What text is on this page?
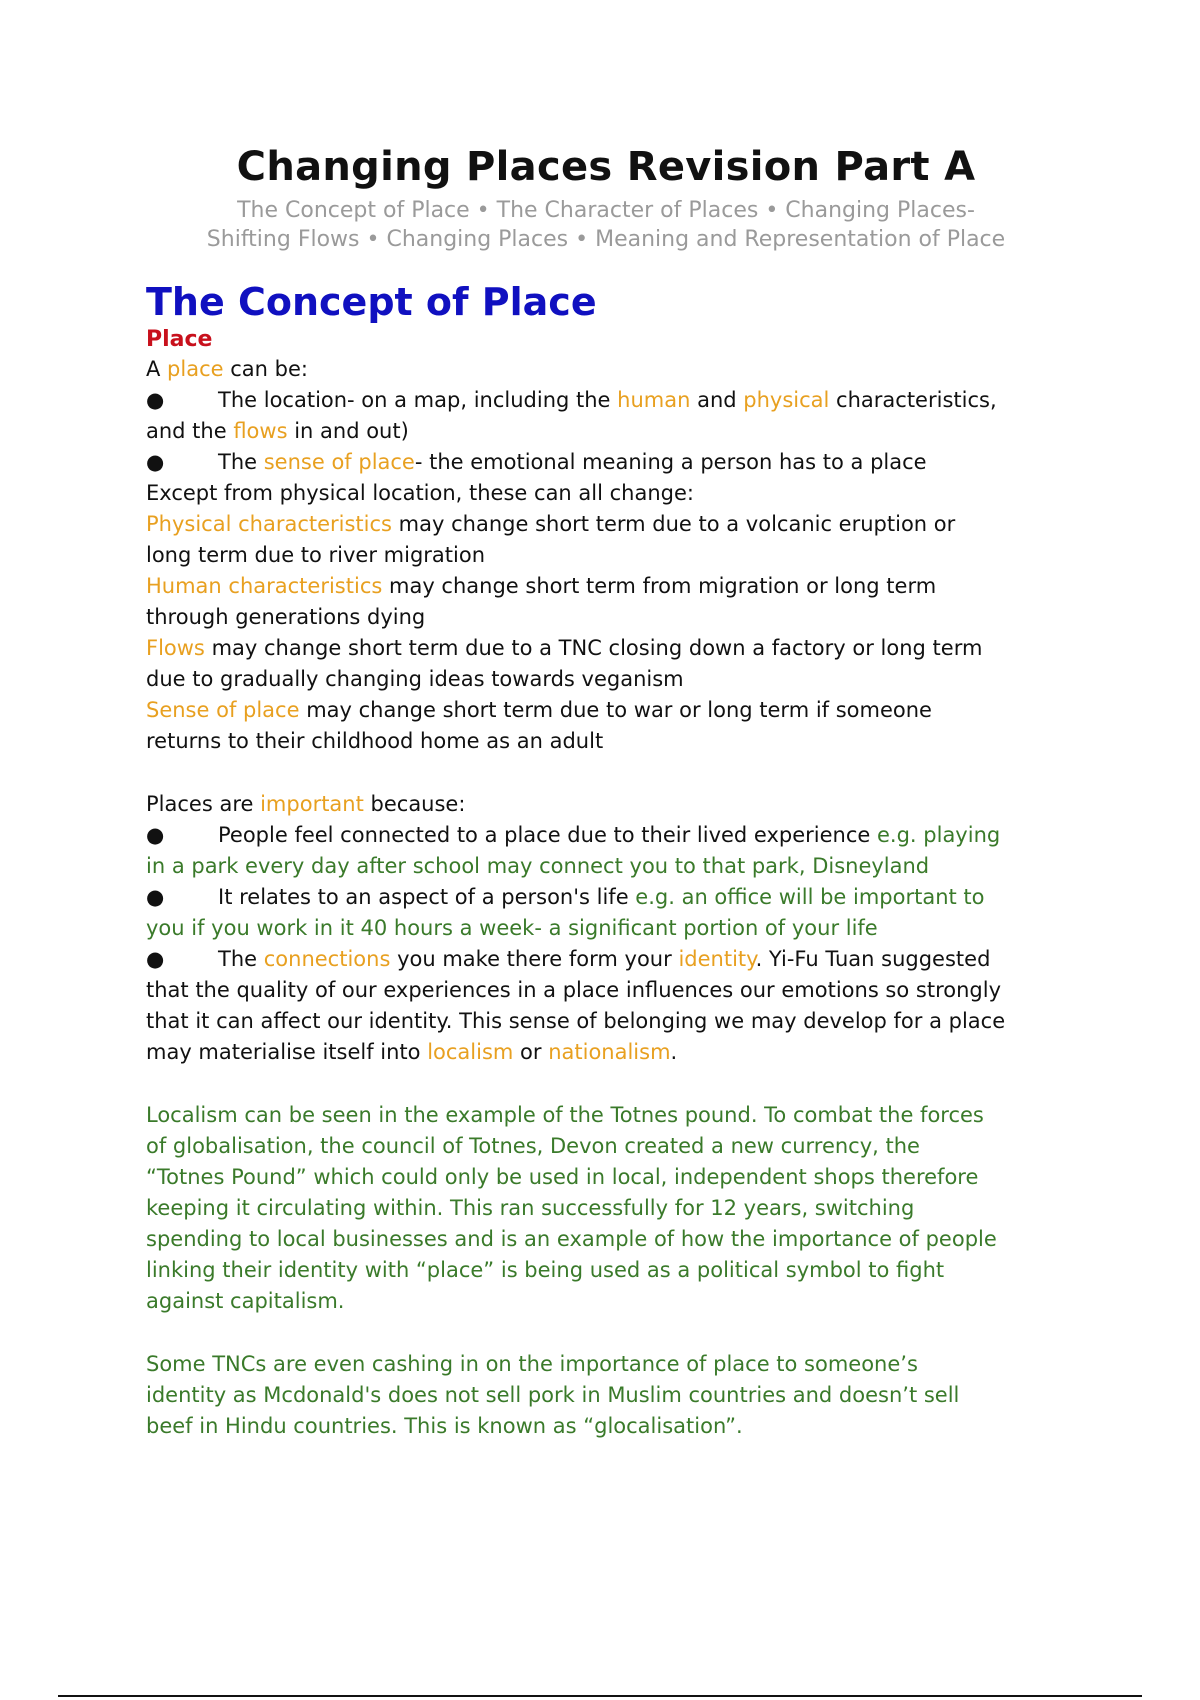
Changing Places Revision Part A
The Concept of Place • The Character of Places • Changing Places-
Shifting Flows • Changing Places • Meaning and Representation of Place
The Concept of Place
Place

A place can be:

●	The location- on a map, including the human and physical characteristics,

and the flows in and out)

●	The sense of place- the emotional meaning a person has to a place

Except from physical location, these can all change:

Physical characteristics may change short term due to a volcanic eruption or

long term due to river migration

Human characteristics may change short term from migration or long term

through generations dying

Flows may change short term due to a TNC closing down a factory or long term

due to gradually changing ideas towards veganism

Sense of place may change short term due to war or long term if someone

returns to their childhood home as an adult

Places are important because:

●	People feel connected to a place due to their lived experience e.g. playing

in a park every day after school may connect you to that park, Disneyland

●	It relates to an aspect of a person's life e.g. an office will be important to

you if you work in it 40 hours a week- a significant portion of your life

●	The connections you make there form your identity. Yi-Fu Tuan suggested

that the quality of our experiences in a place influences our emotions so strongly

that it can affect our identity. This sense of belonging we may develop for a place

may materialise itself into localism or nationalism.

Localism can be seen in the example of the Totnes pound. To combat the forces

of globalisation, the council of Totnes, Devon created a new currency, the

“Totnes Pound” which could only be used in local, independent shops therefore

keeping it circulating within. This ran successfully for 12 years, switching

spending to local businesses and is an example of how the importance of people

linking their identity with “place” is being used as a political symbol to fight

against capitalism.

Some TNCs are even cashing in on the importance of place to someone’s

identity as Mcdonald's does not sell pork in Muslim countries and doesn’t sell

beef in Hindu countries. This is known as “glocalisation”.
